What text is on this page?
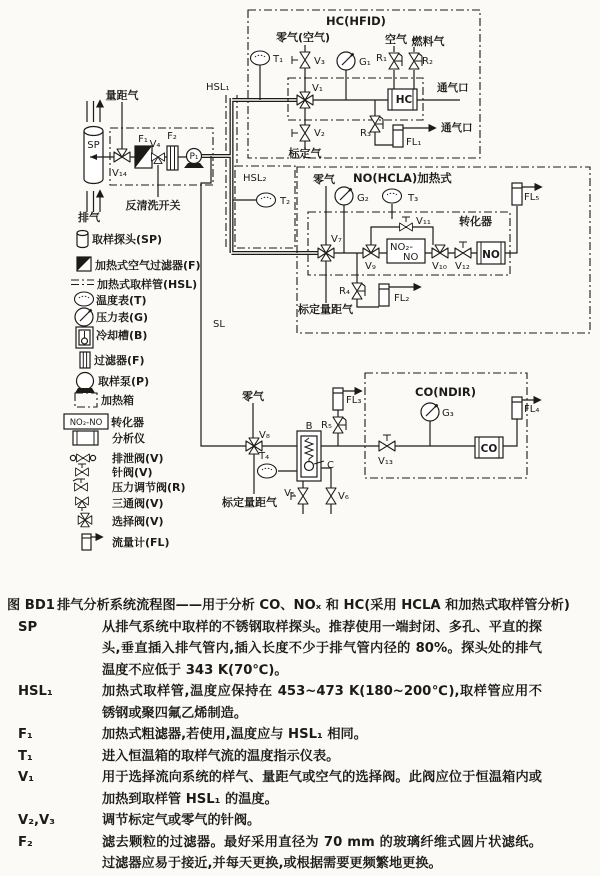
SP
排气
量距气
V₁₄
F₁ V₄
F₂
P₁
反清洗开关
HSL₁
SL
HSL₂
T₂
HC(HFID)
零气(空气)
T₁	V₃	G₁ R₁
空气
R₂
燃料气
V₁
HC
通气口
V₂
标定气
R₃
FL₁
通气口
NO(HCLA)加热式
转化器
零气
G₂	T₃
V₇
V₉
V₁₁
NO₂-
NO
V₁₀ V₁₂
NO
FL₅
R₄
FL₂
标定量距气
零气
V₈
标定量距气
T₄
B
C
V₅	V₆
R₅
FL₃
CO(NDIR)
V₁₃
G₃
CO
FL₄
取样探头(SP)
加热式空气过滤器(F)
加热式取样管(HSL)
温度表(T)
压力表(G)
冷却槽(B)
过滤器(F)
取样泵(P)
加热箱
NO₂-NO 转化器
分析仪
排泄阀(V)
针阀(V)
压力调节阀(R)
三通阀(V)
选择阀(V)
流量计(FL)
图 BD1 排气分析系统流程图——用于分析 CO、NOₓ 和 HC(采用 HCLA 和加热式取样管分析)
SP	从排气系统中取样的不锈钢取样探头。推荐使用一端封闭、多孔、平直的探头,垂直插入排气管内,插入长度不少于排气管内径的 80%。探头处的排气温度不应低于 343 K(70℃)。
HSL₁	加热式取样管,温度应保持在 453~473 K(180~200℃),取样管应用不锈钢或聚四氟乙烯制造。
F₁	加热式粗滤器,若使用,温度应与 HSL₁ 相同。
T₁	进入恒温箱的取样气流的温度指示仪表。
V₁	用于选择流向系统的样气、量距气或空气的选择阀。此阀应位于恒温箱内或加热到取样管 HSL₁ 的温度。
V₂,V₃	调节标定气或零气的针阀。
F₂	滤去颗粒的过滤器。最好采用直径为 70 mm 的玻璃纤维式圆片状滤纸。过滤器应易于接近,并每天更换,或根据需要更频繁地更换。
